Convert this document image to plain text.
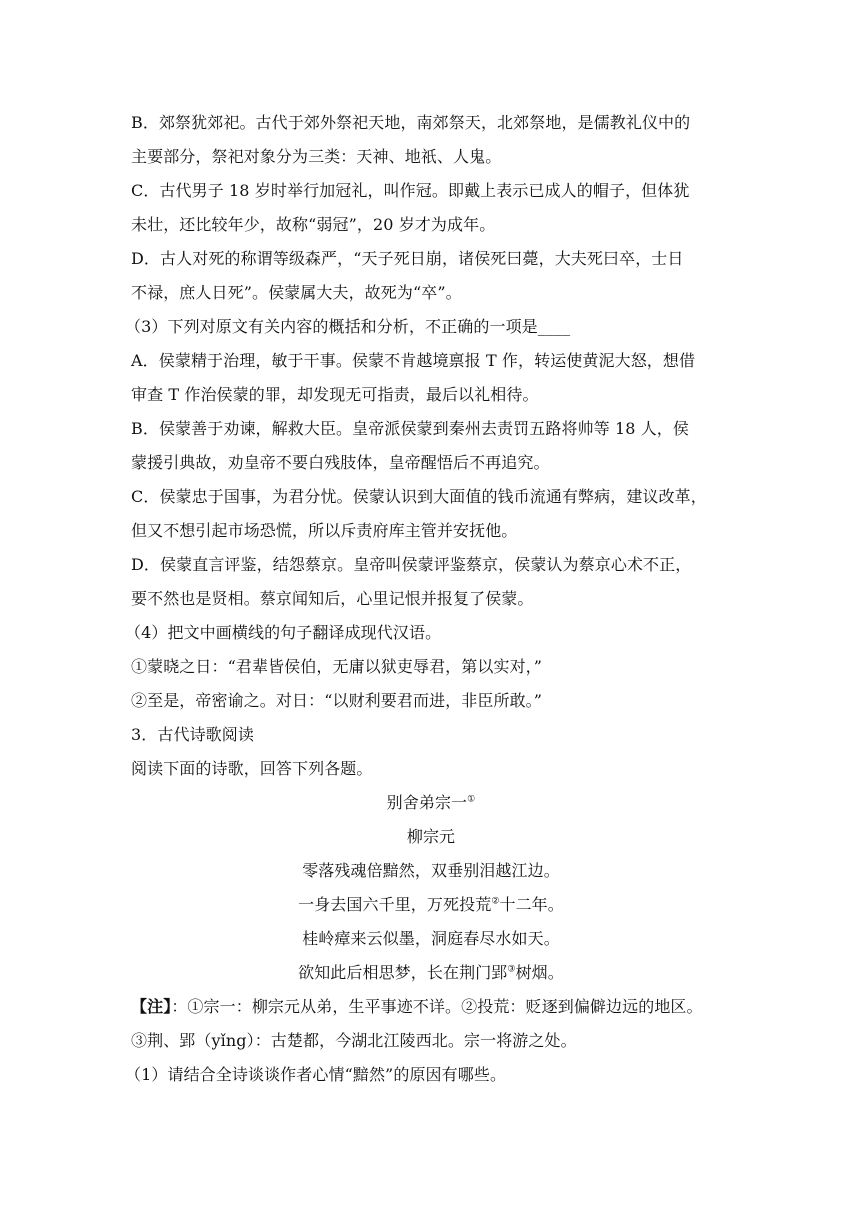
B．郊祭犹郊祀。古代于郊外祭祀天地，南郊祭天，北郊祭地，是儒教礼仪中的
主要部分，祭祀对象分为三类：天神、地祇、人鬼。
C．古代男子 18 岁时举行加冠礼，叫作冠。即戴上表示已成人的帽子，但体犹
未壮，还比较年少，故称“弱冠”，20 岁才为成年。
D．古人对死的称谓等级森严，“天子死日崩，诸侯死曰薨，大夫死曰卒，士日
不禄，庶人日死”。侯蒙属大夫，故死为“卒”。
（3）下列对原文有关内容的概括和分析，不正确的一项是____
A．侯蒙精于治理，敏于干事。侯蒙不肯越境禀报 T 作，转运使黄泥大怒，想借
审查 T 作治侯蒙的罪，却发现无可指责，最后以礼相待。
B．侯蒙善于劝谏，解救大臣。皇帝派侯蒙到秦州去责罚五路将帅等 18 人，侯
蒙援引典故，劝皇帝不要白残肢体，皇帝醒悟后不再追究。
C．侯蒙忠于国事，为君分忧。侯蒙认识到大面值的钱币流通有弊病，建议改革，
但又不想引起市场恐慌，所以斥责府库主管并安抚他。
D．侯蒙直言评鉴，结怨蔡京。皇帝叫侯蒙评鉴蔡京，侯蒙认为蔡京心术不正，
要不然也是贤相。蔡京闻知后，心里记恨并报复了侯蒙。
（4）把文中画横线的句子翻译成现代汉语。
①蒙晓之日：“君辈皆侯伯，无庸以狱吏辱君，第以实对，”
②至是，帝密谕之。对日：“以财利要君而进，非臣所敢。”
3．古代诗歌阅读
阅读下面的诗歌，回答下列各题。
别舍弟宗一①
柳宗元
零落残魂倍黯然，双垂别泪越江边。
一身去国六千里，万死投荒②十二年。
桂岭瘴来云似墨，洞庭春尽水如天。
欲知此后相思梦，长在荆门郢③树烟。
【注】：①宗一：柳宗元从弟，生平事迹不详。②投荒：贬逐到偏僻边远的地区。
③荆、郢（yǐng）：古楚都，今湖北江陵西北。宗一将游之处。
（1）请结合全诗谈谈作者心情“黯然”的原因有哪些。
